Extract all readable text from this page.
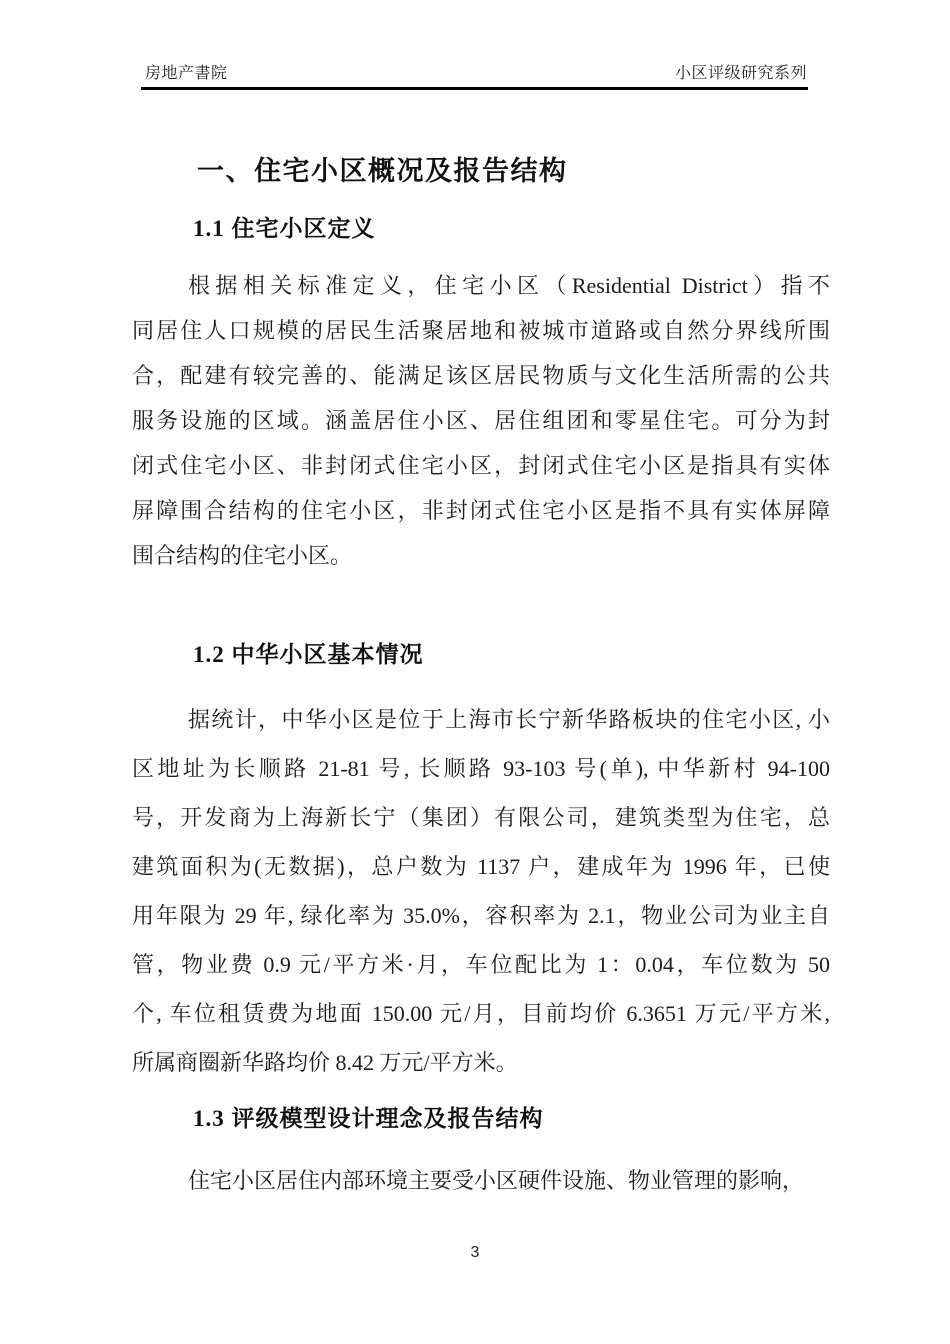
房地产書院	小区评级研究系列
一、住宅小区概况及报告结构
1.1 住宅小区定义
根据相关标准定义，住宅小区（Residential District）指不
同居住人口规模的居民生活聚居地和被城市道路或自然分界线所围
合，配建有较完善的、能满足该区居民物质与文化生活所需的公共
服务设施的区域。涵盖居住小区、居住组团和零星住宅。可分为封
闭式住宅小区、非封闭式住宅小区，封闭式住宅小区是指具有实体
屏障围合结构的住宅小区，非封闭式住宅小区是指不具有实体屏障
围合结构的住宅小区。
1.2 中华小区基本情况
据统计，中华小区是位于上海市长宁新华路板块的住宅小区, 小
区地址为长顺路 21-81 号, 长顺路 93-103 号(单), 中华新村 94-100
号，开发商为上海新长宁（集团）有限公司，建筑类型为住宅，总
建筑面积为(无数据)，总户数为 1137 户，建成年为 1996 年，已使
用年限为 29 年, 绿化率为 35.0%，容积率为 2.1，物业公司为业主自
管，物业费 0.9 元/平方米·月，车位配比为 1：0.04，车位数为 50
个, 车位租赁费为地面 150.00 元/月，目前均价 6.3651 万元/平方米,
所属商圈新华路均价 8.42 万元/平方米。
1.3 评级模型设计理念及报告结构
住宅小区居住内部环境主要受小区硬件设施、物业管理的影响，
3
